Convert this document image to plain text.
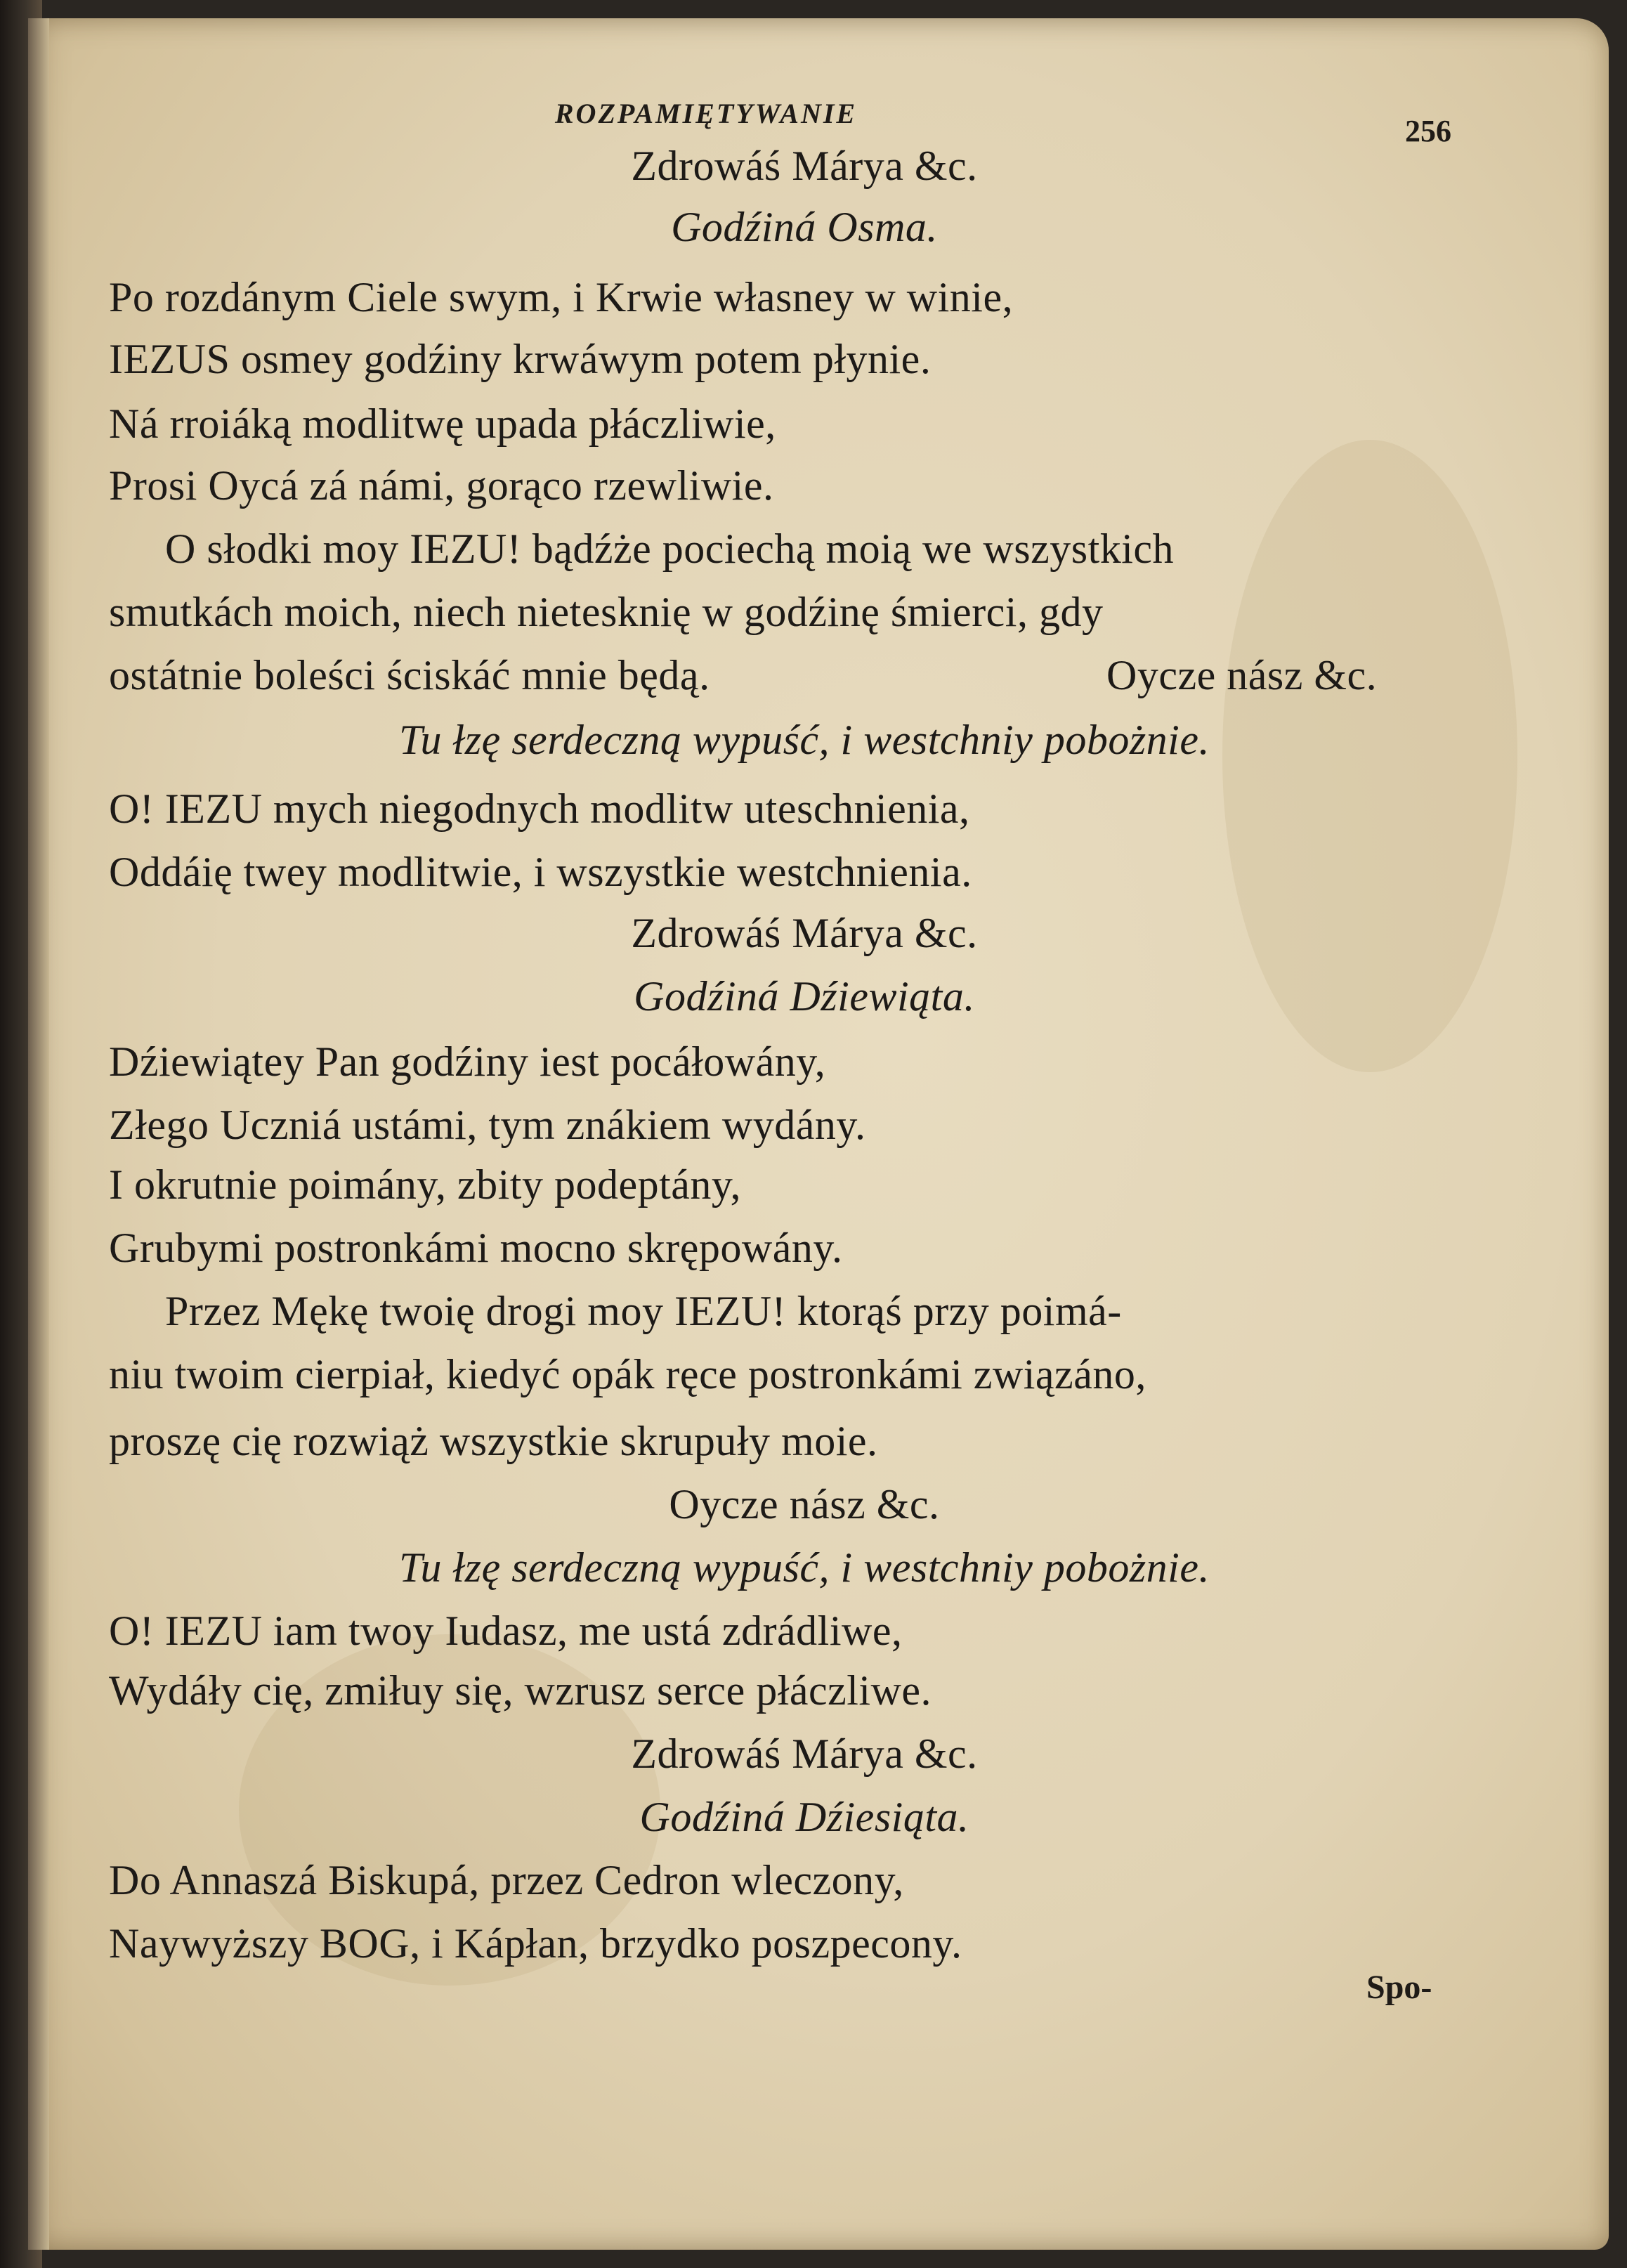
ROZPAMIĘTYWANIE
256
Zdrowáś Márya &c.
Godźiná Osma.
Po rozdánym Ciele swym, i Krwie własney w winie,
IEZUS osmey godźiny krwáwym potem płynie.
Ná rroiáką modlitwę upada płáczliwie,
Prosi Oycá zá námi, gorąco rzewliwie.
O słodki moy IEZU! bądźże pociechą moią we wszystkich
smutkách moich, niech nietesknię w godźinę śmierci, gdy
ostátnie boleści ściskáć mnie będą.	Oycze nász &c.
Tu łzę serdeczną wypuść, i westchniy pobożnie.
O! IEZU mych niegodnych modlitw uteschnienia,
Oddáię twey modlitwie, i wszystkie westchnienia.
Zdrowáś Márya &c.
Godźiná Dźiewiąta.
Dźiewiątey Pan godźiny iest pocáłowány,
Złego Uczniá ustámi, tym znákiem wydány.
I okrutnie poimány, zbity podeptány,
Grubymi postronkámi mocno skrępowány.
Przez Mękę twoię drogi moy IEZU! ktorąś przy poimá-
niu twoim cierpiał, kiedyć opák ręce postronkámi związáno,
proszę cię rozwiąż wszystkie skrupuły moie.
Oycze nász &c.
Tu łzę serdeczną wypuść, i westchniy pobożnie.
O! IEZU iam twoy Iudasz, me ustá zdrádliwe,
Wydáły cię, zmiłuy się, wzrusz serce płáczliwe.
Zdrowáś Márya &c.
Godźiná Dźiesiąta.
Do Annaszá Biskupá, przez Cedron wleczony,
Naywyższy BOG, i Kápłan, brzydko poszpecony.
Spo-
